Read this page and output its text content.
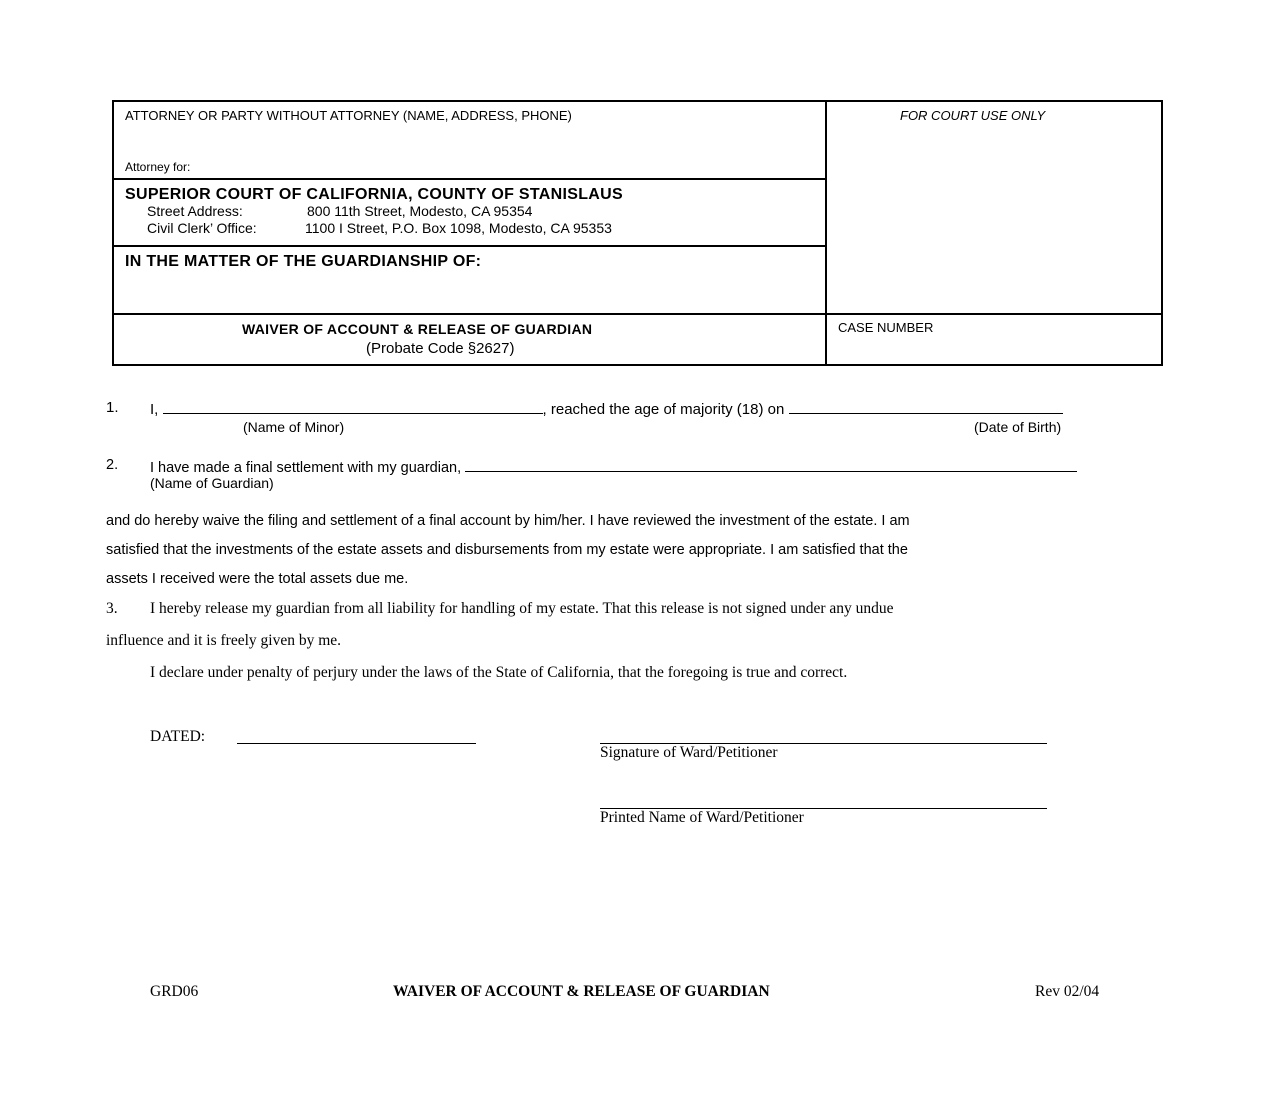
ATTORNEY OR PARTY WITHOUT ATTORNEY (NAME, ADDRESS, PHONE)
Attorney for:
FOR COURT USE ONLY
SUPERIOR COURT OF CALIFORNIA, COUNTY OF STANISLAUS
Street Address:	800 11th Street, Modesto, CA 95354
Civil Clerk’ Office:	1100 I Street, P.O. Box 1098, Modesto, CA 95353
IN THE MATTER OF THE GUARDIANSHIP OF:
WAIVER OF ACCOUNT & RELEASE OF GUARDIAN
(Probate Code §2627)
CASE NUMBER
1. I,	, reached the age of majority (18) on
(Name of Minor)	(Date of Birth)
2. I have made a final settlement with my guardian,
(Name of Guardian)
and do hereby waive the filing and settlement of a final account by him/her. I have reviewed the investment of the estate. I am
satisfied that the investments of the estate assets and disbursements from my estate were appropriate. I am satisfied that the
assets I received were the total assets due me.
3. I hereby release my guardian from all liability for handling of my estate. That this release is not signed under any undue
influence and it is freely given by me.
I declare under penalty of perjury under the laws of the State of California, that the foregoing is true and correct.
DATED:
Signature of Ward/Petitioner
Printed Name of Ward/Petitioner
GRD06	WAIVER OF ACCOUNT & RELEASE OF GUARDIAN	Rev 02/04
